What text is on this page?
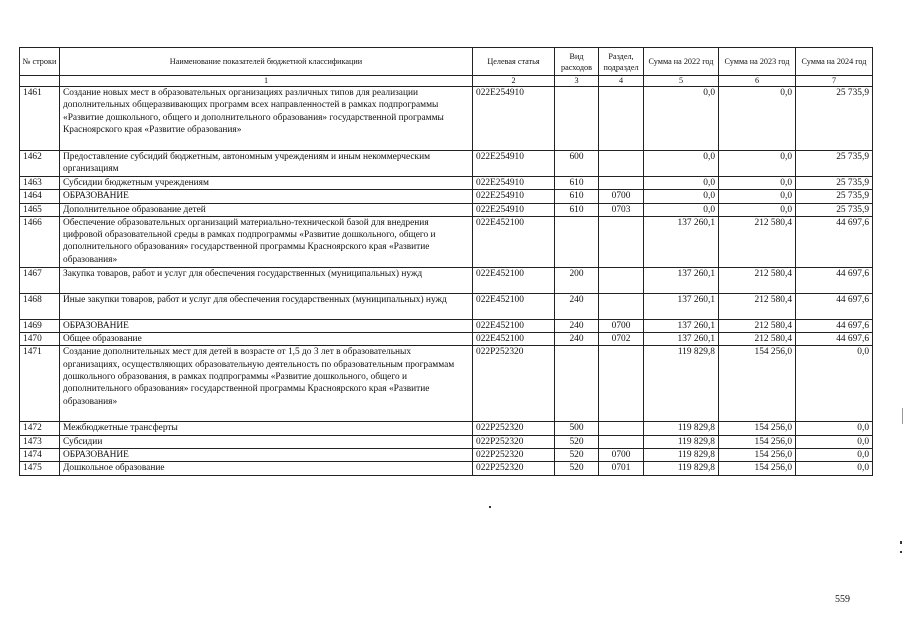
№ строки	Наименование показателей бюджетной классификации	Целевая статья	Вид расходов	Раздел, подраздел	Сумма на 2022 год	Сумма на 2023 год	Сумма на 2024 год
	1	2	3	4	5	6	7
1461	Создание новых мест в образовательных организациях различных типов для реализации дополнительных общеразвивающих программ всех направленностей в рамках подпрограммы «Развитие дошкольного, общего и дополнительного образования» государственной программы Красноярского края «Развитие образования»	022E254910			0,0	0,0	25 735,9
1462	Предоставление субсидий бюджетным, автономным учреждениям и иным некоммерческим организациям	022E254910	600		0,0	0,0	25 735,9
1463	Субсидии бюджетным учреждениям	022E254910	610		0,0	0,0	25 735,9
1464	ОБРАЗОВАНИЕ	022E254910	610	0700	0,0	0,0	25 735,9
1465	Дополнительное образование детей	022E254910	610	0703	0,0	0,0	25 735,9
1466	Обеспечение образовательных организаций материально-технической базой для внедрения цифровой образовательной среды в рамках подпрограммы «Развитие дошкольного, общего и дополнительного образования» государственной программы Красноярского края «Развитие образования»	022E452100			137 260,1	212 580,4	44 697,6
1467	Закупка товаров, работ и услуг для обеспечения государственных (муниципальных) нужд	022E452100	200		137 260,1	212 580,4	44 697,6
1468	Иные закупки товаров, работ и услуг для обеспечения государственных (муниципальных) нужд	022E452100	240		137 260,1	212 580,4	44 697,6
1469	ОБРАЗОВАНИЕ	022E452100	240	0700	137 260,1	212 580,4	44 697,6
1470	Общее образование	022E452100	240	0702	137 260,1	212 580,4	44 697,6
1471	Создание дополнительных мест для детей в возрасте от 1,5 до 3 лет в образовательных организациях, осуществляющих образовательную деятельность по образовательным программам дошкольного образования, в рамках подпрограммы «Развитие дошкольного, общего и дополнительного образования» государственной программы Красноярского края «Развитие образования»	022P252320			119 829,8	154 256,0	0,0
1472	Межбюджетные трансферты	022P252320	500		119 829,8	154 256,0	0,0
1473	Субсидии	022P252320	520		119 829,8	154 256,0	0,0
1474	ОБРАЗОВАНИЕ	022P252320	520	0700	119 829,8	154 256,0	0,0
1475	Дошкольное образование	022P252320	520	0701	119 829,8	154 256,0	0,0
559
